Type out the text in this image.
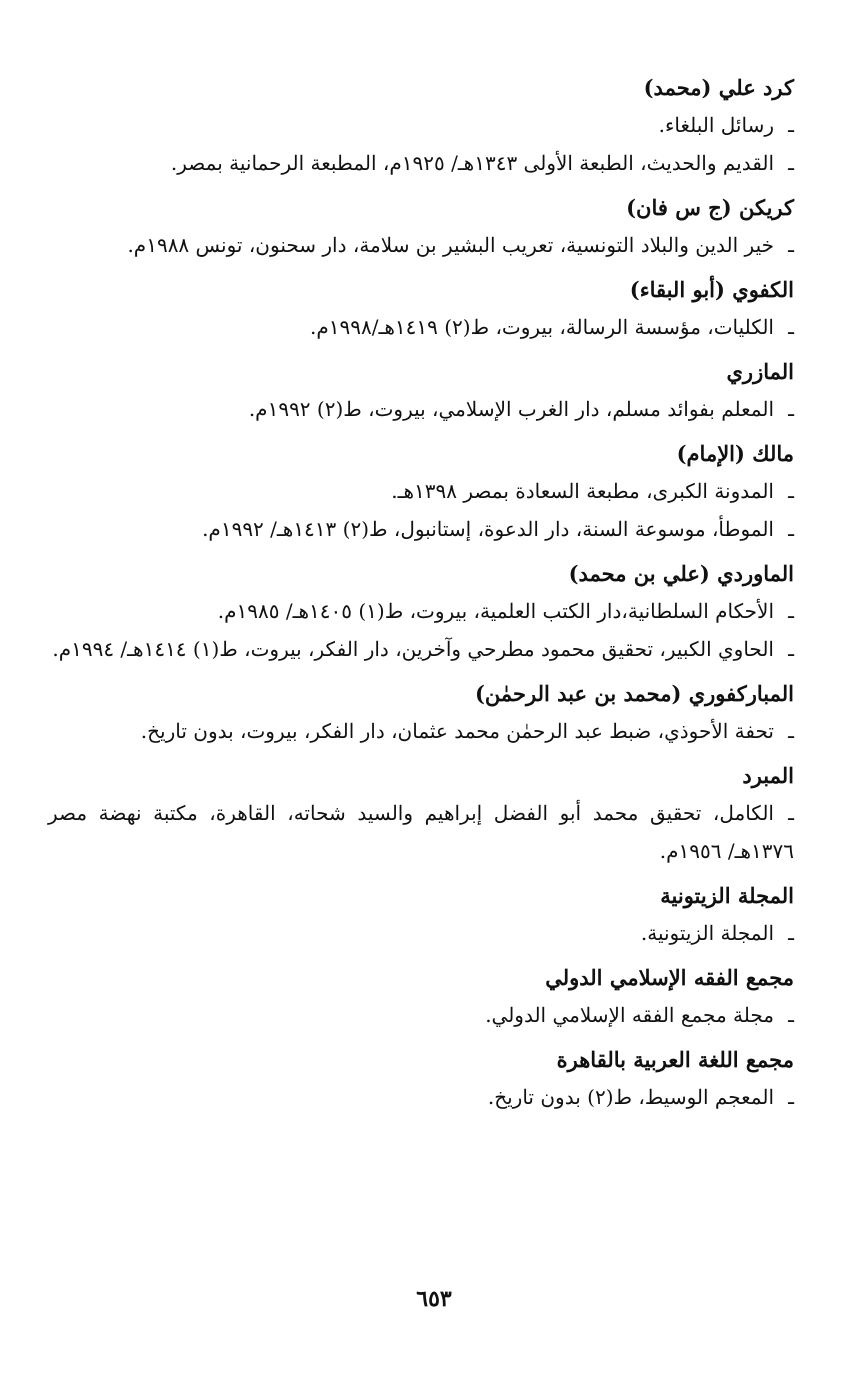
كرد علي (محمد)
ـرسائل البلغاء.
ـالقديم والحديث، الطبعة الأولى ١٣٤٣هـ/ ١٩٢٥م، المطبعة الرحمانية بمصر.
كريكن (ج س فان)
ـخير الدين والبلاد التونسية، تعريب البشير بن سلامة، دار سحنون، تونس ١٩٨٨م.
الكفوي (أبو البقاء)
ـالكليات، مؤسسة الرسالة، بيروت، ط(٢) ١٤١٩هـ/١٩٩٨م.
المازري
ـالمعلم بفوائد مسلم، دار الغرب الإسلامي، بيروت، ط(٢) ١٩٩٢م.
مالك (الإمام)
ـالمدونة الكبرى، مطبعة السعادة بمصر ١٣٩٨هـ.
ـالموطأ، موسوعة السنة، دار الدعوة، إستانبول، ط(٢) ١٤١٣هـ/ ١٩٩٢م.
الماوردي (علي بن محمد)
ـالأحكام السلطانية،دار الكتب العلمية، بيروت، ط(١) ١٤٠٥هـ/ ١٩٨٥م.
ـالحاوي الكبير، تحقيق محمود مطرحي وآخرين، دار الفكر، بيروت، ط(١) ١٤١٤هـ/ ١٩٩٤م.
المباركفوري (محمد بن عبد الرحمٰن)
ـتحفة الأحوذي، ضبط عبد الرحمٰن محمد عثمان، دار الفكر، بيروت، بدون تاريخ.
المبرد
ـالكامل، تحقيق محمد أبو الفضل إبراهيم والسيد شحاته، القاهرة، مكتبة نهضة مصر ١٣٧٦هـ/ ١٩٥٦م.
المجلة الزيتونية
ـالمجلة الزيتونية.
مجمع الفقه الإسلامي الدولي
ـمجلة مجمع الفقه الإسلامي الدولي.
مجمع اللغة العربية بالقاهرة
ـالمعجم الوسيط، ط(٢) بدون تاريخ.
٦٥٣
